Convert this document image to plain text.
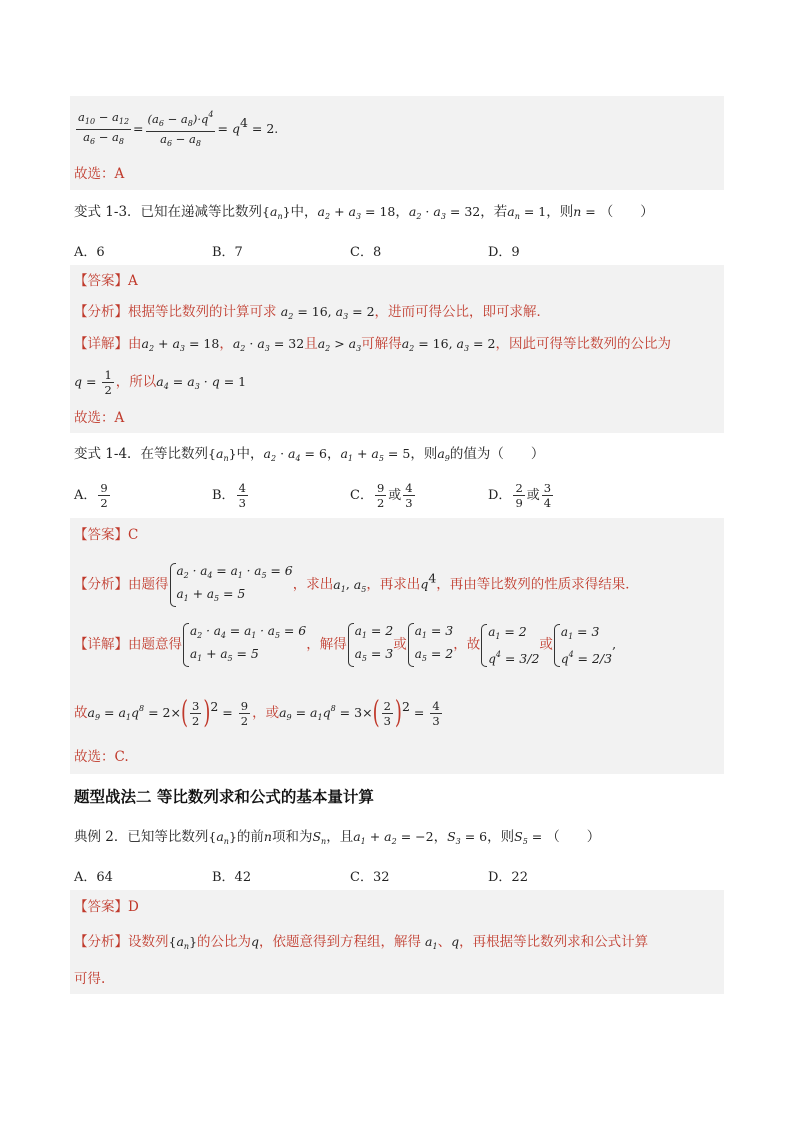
$\frac{a_{10} - a_{12}}{a_6 - a_8} = \frac{(a_6 - a_8)\cdot q^4}{a_6 - a_8} = q^4 = 2$.
故选：A
变式 1-3．已知在递减等比数列$\{a_n\}$中，$a_2 + a_3 = 18$，$a_2 \cdot a_3 = 32$，若$a_n = 1$，则n = （　　）
A．6	B．7	C．8	D．9
【答案】A
【分析】根据等比数列的计算可求 $a_2 = 16$, $a_3 = 2$，进而可得公比，即可求解．
【详解】由$a_2 + a_3 = 18$，$a_2 \cdot a_3 = 32$且$a_2 > a_3$可解得$a_2 = 16$, $a_3 = 2$，因此可得等比数列的公比为
$q = \frac{1}{2}$ ，所以$a_4 = a_3 \cdot q = 1$
故选：A
变式 1-4．在等比数列$\{a_n\}$中，$a_2 \cdot a_4 = 6$，$a_1 + a_5 = 5$，则$a_9$的值为（　　）
A． $\frac{9}{2}$	B． $\frac{4}{3}$	C． $\frac{9}{2}$ 或 $\frac{4}{3}$	D． $\frac{2}{9}$ 或 $\frac{3}{4}$
【答案】C
【分析】由题得
$a_2 \cdot a_4 = a_1 \cdot a_5 = 6$
$a_1 + a_5 = 5$
，求出$a_1$, $a_5$，再求出$q^4$，再由等比数列的性质求得结果．
【详解】由题意得
$a_2 \cdot a_4 = a_1 \cdot a_5 = 6$
$a_1 + a_5 = 5$
，解得
$a_1 = 2$
$a_5 = 3$
或
$a_1 = 3$
$a_5 = 2$
，故
$a_1 = 2$
$q^4 = 3/2$
或
$a_1 = 3$
$q^4 = 2/3$
,
故$a_9 = a_1q^8 = 2\times( \frac{3}{2} )^2 = \frac{9}{2}$ ，或$a_9 = a_1q^8 = 3\times( \frac{2}{3} )^2 = \frac{4}{3}$
故选：C.
题型战法二 等比数列求和公式的基本量计算
典例 2．已知等比数列$\{a_n\}$的前n项和为$S_n$，且$a_1 + a_2 = -2$，$S_3 = 6$，则$S_5$ = （　　）
A．64	B．42	C．32	D．22
【答案】D
【分析】设数列$\{a_n\}$的公比为q，依题意得到方程组，解得 $a_1$、q，再根据等比数列求和公式计算
可得.
